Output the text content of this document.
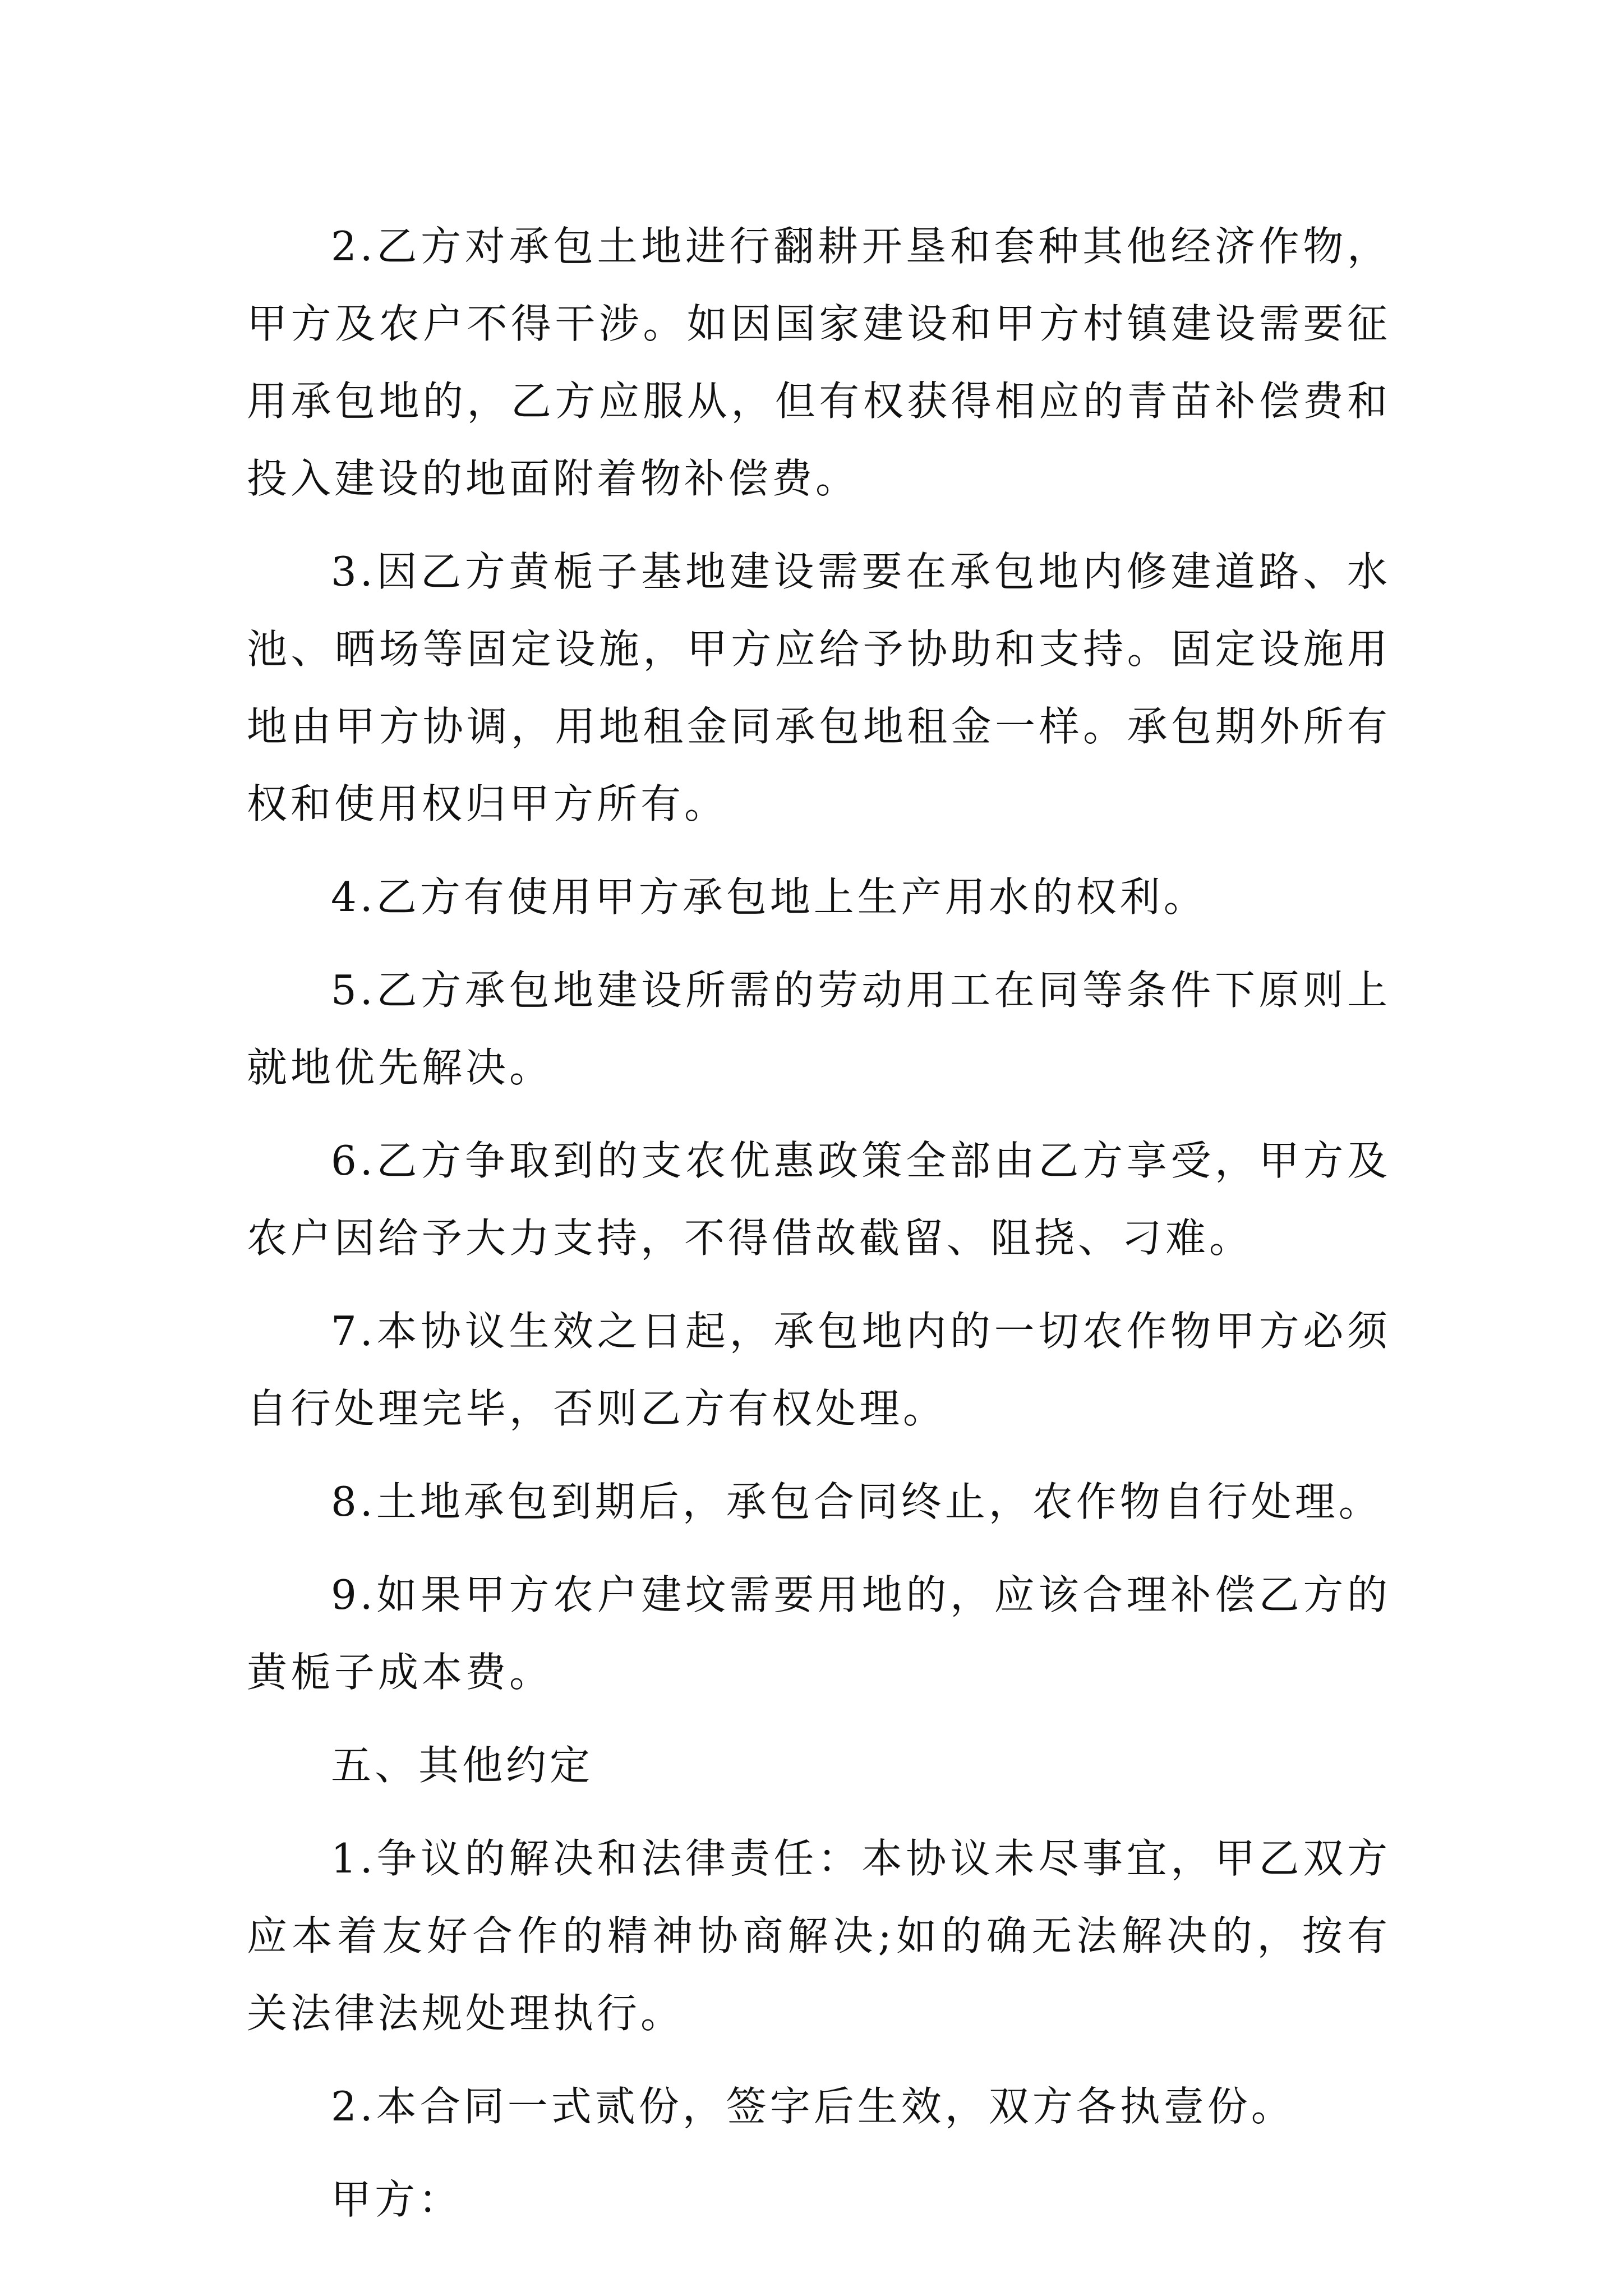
2.乙方对承包土地进行翻耕开垦和套种其他经济作物，甲方及农户不得干涉。如因国家建设和甲方村镇建设需要征用承包地的，乙方应服从，但有权获得相应的青苗补偿费和投入建设的地面附着物补偿费。

3.因乙方黄栀子基地建设需要在承包地内修建道路、水池、晒场等固定设施，甲方应给予协助和支持。固定设施用地由甲方协调，用地租金同承包地租金一样。承包期外所有权和使用权归甲方所有。

4.乙方有使用甲方承包地上生产用水的权利。

5.乙方承包地建设所需的劳动用工在同等条件下原则上就地优先解决。

6.乙方争取到的支农优惠政策全部由乙方享受，甲方及农户因给予大力支持，不得借故截留、阻挠、刁难。

7.本协议生效之日起，承包地内的一切农作物甲方必须自行处理完毕，否则乙方有权处理。

8.土地承包到期后，承包合同终止，农作物自行处理。

9.如果甲方农户建坟需要用地的，应该合理补偿乙方的黄栀子成本费。

五、其他约定

1.争议的解决和法律责任：本协议未尽事宜，甲乙双方应本着友好合作的精神协商解决;如的确无法解决的，按有关法律法规处理执行。

2.本合同一式贰份，签字后生效，双方各执壹份。

甲方：
